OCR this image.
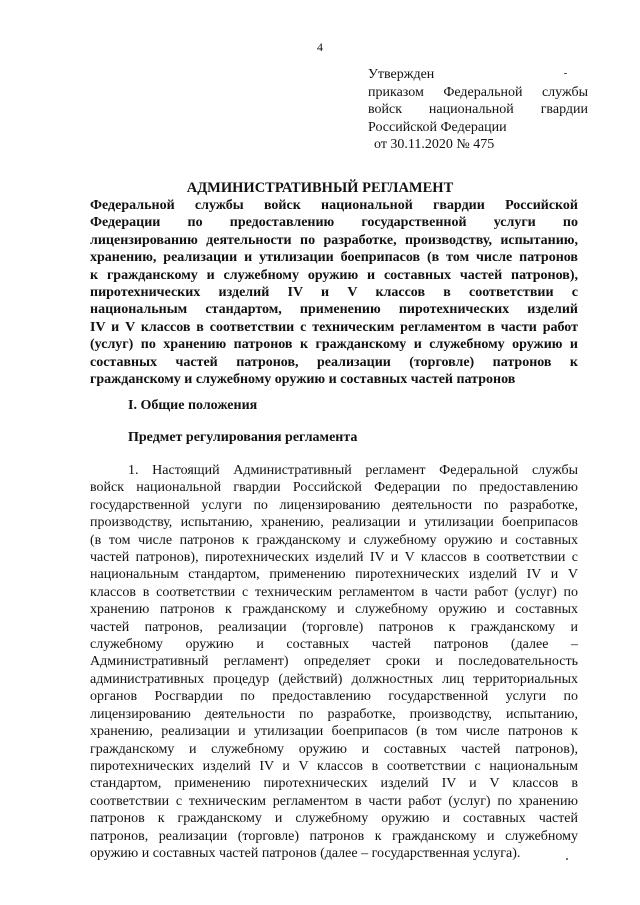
4
Утвержден
приказом Федеральной службы
войск национальной гвардии
Российской Федерации
от 30.11.2020 № 475
АДМИНИСТРАТИВНЫЙ РЕГЛАМЕНТ
Федеральной службы войск национальной гвардии Российской
Федерации по предоставлению государственной услуги по
лицензированию деятельности по разработке, производству, испытанию,
хранению, реализации и утилизации боеприпасов (в том числе патронов
к гражданскому и служебному оружию и составных частей патронов),
пиротехнических изделий IV и V классов в соответствии с
национальным стандартом, применению пиротехнических изделий
IV и V классов в соответствии с техническим регламентом в части работ
(услуг) по хранению патронов к гражданскому и служебному оружию и
составных частей патронов, реализации (торговле) патронов к
гражданскому и служебному оружию и составных частей патронов
I. Общие положения
Предмет регулирования регламента
1. Настоящий Административный регламент Федеральной службы
войск национальной гвардии Российской Федерации по предоставлению
государственной услуги по лицензированию деятельности по разработке,
производству, испытанию, хранению, реализации и утилизации боеприпасов
(в том числе патронов к гражданскому и служебному оружию и составных
частей патронов), пиротехнических изделий IV и V классов в соответствии с
национальным стандартом, применению пиротехнических изделий IV и V
классов в соответствии с техническим регламентом в части работ (услуг) по
хранению патронов к гражданскому и служебному оружию и составных
частей патронов, реализации (торговле) патронов к гражданскому и
служебному оружию и составных частей патронов (далее –
Административный регламент) определяет сроки и последовательность
административных процедур (действий) должностных лиц территориальных
органов Росгвардии по предоставлению государственной услуги по
лицензированию деятельности по разработке, производству, испытанию,
хранению, реализации и утилизации боеприпасов (в том числе патронов к
гражданскому и служебному оружию и составных частей патронов),
пиротехнических изделий IV и V классов в соответствии с национальным
стандартом, применению пиротехнических изделий IV и V классов в
соответствии с техническим регламентом в части работ (услуг) по хранению
патронов к гражданскому и служебному оружию и составных частей
патронов, реализации (торговле) патронов к гражданскому и служебному
оружию и составных частей патронов (далее – государственная услуга).
